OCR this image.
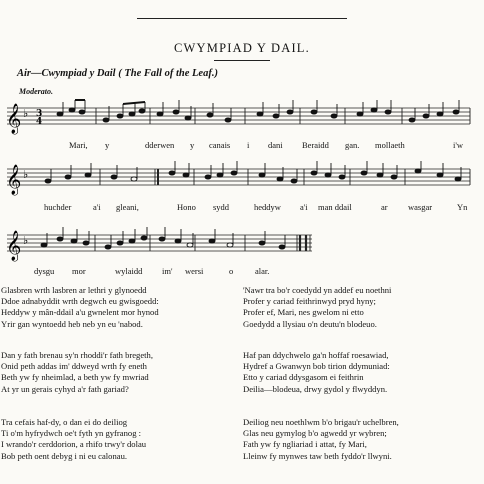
CWYMPIAD Y DAIL.
Air—Cwympiad y Dail ( The Fall of the Leaf.)
Moderato.
𝄞 ♭ 3
4
Mari, y	dderwen y canais i dani Beraidd gan. mollaeth	i'w
𝄞 ♭
huchder	a'i gleani,	Hono sydd	heddyw a'i man ddail	ar wasgar	Yn
𝄞 ♭
dysgu mor	wylaidd im' wersi	o	alar.
Glasbren wrth lasbren ar lethri y glynoedd
Ddoe adnabyddit wrth degwch eu gwisgoedd:
Heddyw y mân-ddail a'u gwnelent mor hynod
Yrir gan wyntoedd heb neb yn eu 'nabod.
Dan y fath brenau sy'n rhoddi'r fath bregeth,
Onid peth addas im' ddweyd wrth fy eneth
Beth yw fy nheimlad, a beth yw fy mwriad
At yr un gerais cyhyd a'r fath gariad?
Tra cefais haf-dy, o dan ei do deiliog
Ti o'm hyfrydwch oe't fyth yn gyfranog :
I wrando'r cerddorion, a rhifo trwy'r dolau
Bob peth oent debyg i ni eu calonau.
'Nawr tra bo'r coedydd yn addef eu noethni
Profer y cariad feithrinwyd pryd hyny;
Profer ef, Mari, nes gwelom ni etto
Goedydd a llysiau o'n deutu'n blodeuo.
Haf pan ddychwelo ga'n hoffaf roesawiad,
Hydref a Gwanwyn bob tirion ddymuniad:
Etto y cariad ddysgasom ei feithrin
Deilia—blodeua, drwy gydol y flwyddyn.
Deiliog neu noethlwm b'o brigau'r uchelbren,
Glas neu gymylog b'o agwedd yr wybren;
Fath yw fy ngliariad i attat, fy Mari,
Lleinw fy mynwes taw beth fyddo'r llwyni.
